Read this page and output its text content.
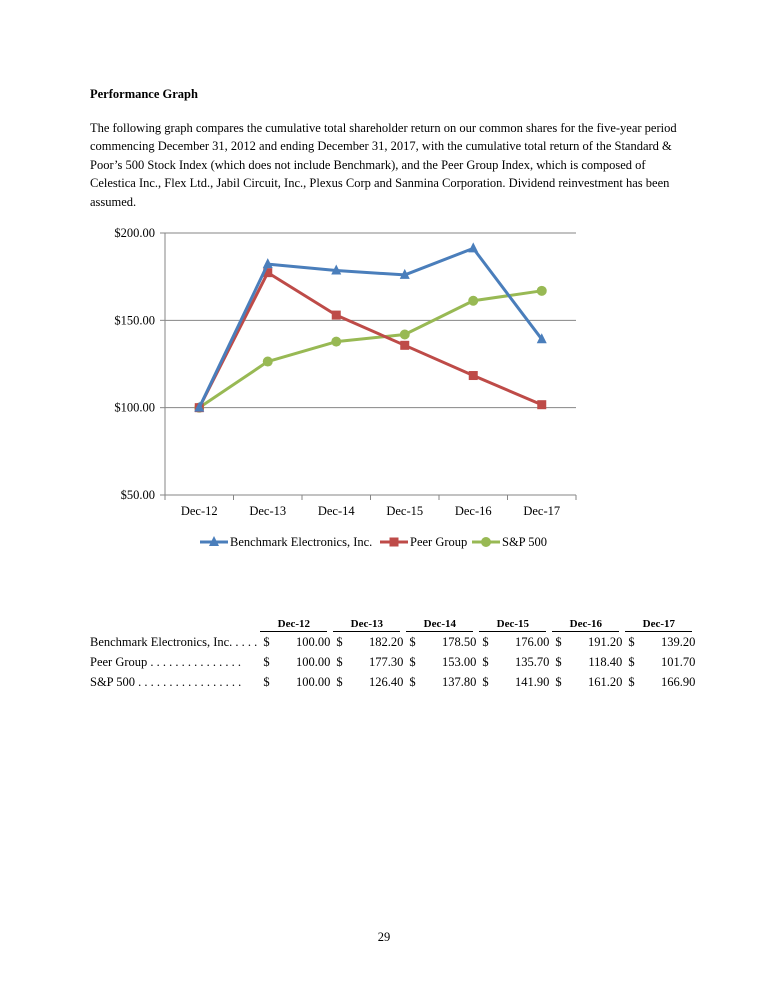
Performance Graph

The following graph compares the cumulative total shareholder return on our common shares for the five-year period commencing December 31, 2012 and ending December 31, 2017, with the cumulative total return of the Standard & Poor’s 500 Stock Index (which does not include Benchmark), and the Peer Group Index, which is composed of Celestica Inc., Flex Ltd., Jabil Circuit, Inc., Plexus Corp and Sanmina Corporation. Dividend reinvestment has been assumed.

$50.00
$100.00
$150.00
$200.00
Dec-12	Dec-13	Dec-14	Dec-15	Dec-16	Dec-17
Benchmark Electronics, Inc.	Peer Group	S&P 500

	Dec-12		Dec-13		Dec-14		Dec-15		Dec-16		Dec-17	

Benchmark Electronics, Inc. . . . .	$	100.00	$	182.20	$	178.50	$	176.00	$	191.20	$	139.20
Peer Group . . . . . . . . . . . . . . .	$	100.00	$	177.30	$	153.00	$	135.70	$	118.40	$	101.70
S&P 500 . . . . . . . . . . . . . . . . .	$	100.00	$	126.40	$	137.80	$	141.90	$	161.20	$	166.90
29
